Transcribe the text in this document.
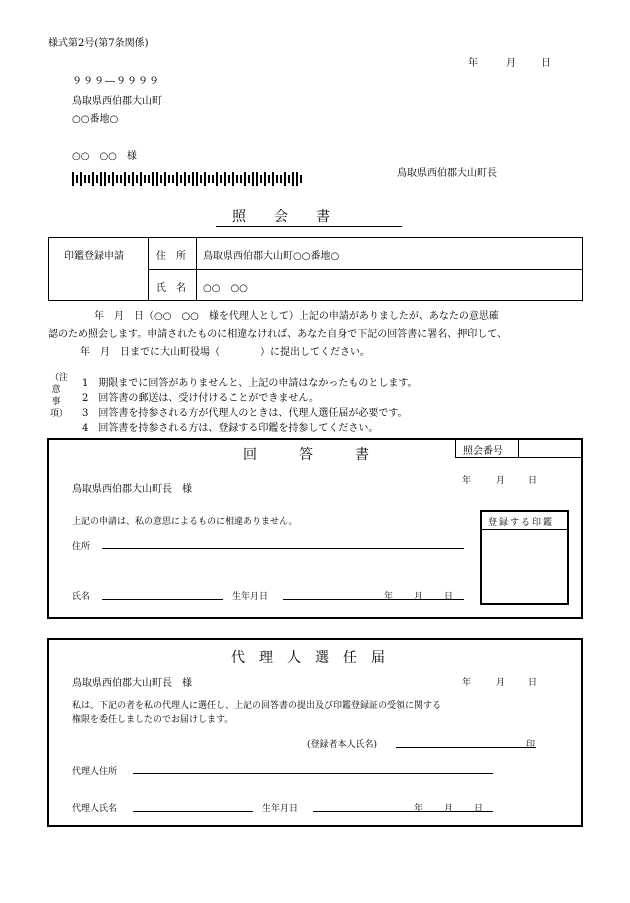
様式第2号(第7条関係)
年	月	日
９９９―９９９９
鳥取県西伯郡大山町
○○番地○
○○　○○　様
鳥取県西伯郡大山町長
照　　会　　書
印鑑登録申請	住　所 鳥取県西伯郡大山町○○番地○
氏　名 ○○　○○
年　月　日（○○　○○　様を代理人として）上記の申請がありましたが、あなたの意思確
認のため照会します。申請されたものに相違なければ、あなた自身で下記の回答書に署名、押印して、
年　月　日までに大山町役場（　　　　）に提出してください。
（注意事項）
1　期限までに回答がありませんと、上記の申請はなかったものとします。
2　回答書の郵送は、受け付けることができません。
3　回答書を持参される方が代理人のときは、代理人選任届が必要です。
4　回答書を持参される方は、登録する印鑑を持参してください。
回　　　答　　　書	照会番号
年	月	日
鳥取県西伯郡大山町長　様
上記の申請は、私の意思によるものに相違ありません。
住所
氏名	生年月日	年 月 日
登録する印鑑
代　理　人　選　任　届
鳥取県西伯郡大山町長　様	年	月	日
私は、下記の者を私の代理人に選任し、上記の回答書の提出及び印鑑登録証の受領に関する
権限を委任しましたのでお届けします。
(登録者本人氏名)	印
代理人住所
代理人氏名	生年月日	年 月 日
